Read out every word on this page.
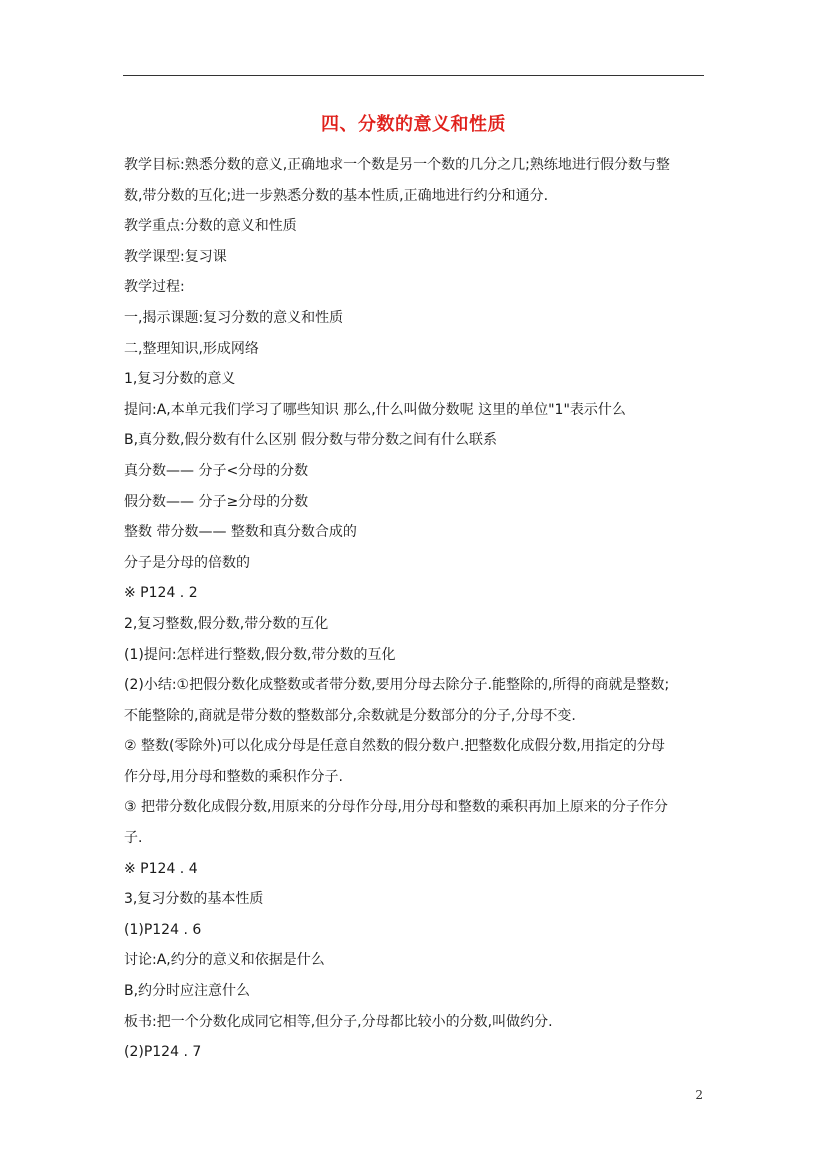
四、分数的意义和性质
教学目标:熟悉分数的意义,正确地求一个数是另一个数的几分之几;熟练地进行假分数与整
数,带分数的互化;进一步熟悉分数的基本性质,正确地进行约分和通分.
教学重点:分数的意义和性质
教学课型:复习课
教学过程:
一,揭示课题:复习分数的意义和性质
二,整理知识,形成网络
1,复习分数的意义
提问:A,本单元我们学习了哪些知识 那么,什么叫做分数呢 这里的单位"1"表示什么
B,真分数,假分数有什么区别 假分数与带分数之间有什么联系
真分数—— 分子<分母的分数
假分数—— 分子≥分母的分数
整数 带分数—— 整数和真分数合成的
分子是分母的倍数的
※ P124 . 2
2,复习整数,假分数,带分数的互化
(1)提问:怎样进行整数,假分数,带分数的互化
(2)小结:①把假分数化成整数或者带分数,要用分母去除分子.能整除的,所得的商就是整数;
不能整除的,商就是带分数的整数部分,余数就是分数部分的分子,分母不变.
② 整数(零除外)可以化成分母是任意自然数的假分数户.把整数化成假分数,用指定的分母
作分母,用分母和整数的乘积作分子.
③ 把带分数化成假分数,用原来的分母作分母,用分母和整数的乘积再加上原来的分子作分
子.
※ P124 . 4
3,复习分数的基本性质
(1)P124 . 6
讨论:A,约分的意义和依据是什么
B,约分时应注意什么
板书:把一个分数化成同它相等,但分子,分母都比较小的分数,叫做约分.
(2)P124 . 7
2
